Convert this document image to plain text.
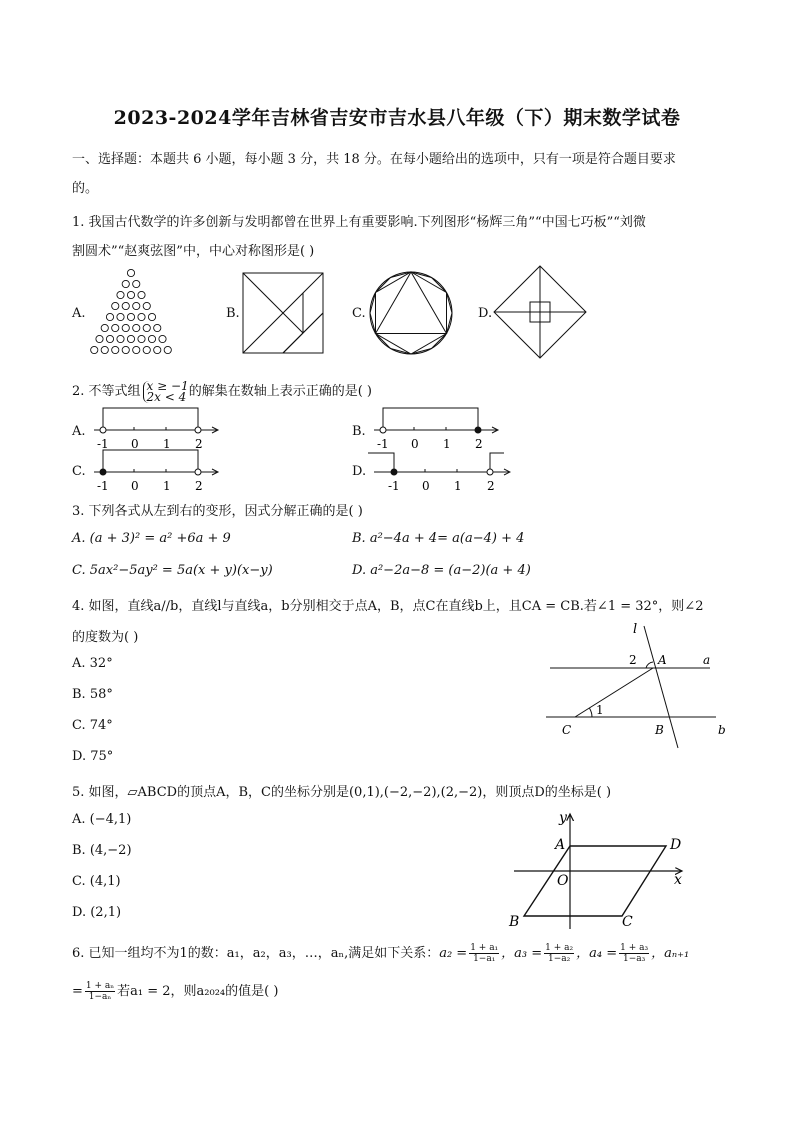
2023-2024学年吉林省吉安市吉水县八年级（下）期末数学试卷
一、选择题：本题共 6 小题，每小题 3 分，共 18 分。在每小题给出的选项中，只有一项是符合题目要求
的。
1. 我国古代数学的许多创新与发明都曾在世界上有重要影响.下列图形“杨辉三角”“中国七巧板”“刘微
割圆术”“赵爽弦图”中，中心对称图形是( )
A.	B.	C.	D.
2. 不等式组 x ≥ −1
2x < 4 的解集在数轴上表示正确的是( )
A.
-1 0 1 2
B.
-1 0 1 2
C.
-1 0 1 2
D.
-1 0 1 2
3. 下列各式从左到右的变形，因式分解正确的是( )
A. (a + 3)² = a² +6a + 9	B. a²−4a + 4= a(a−4) + 4
C. 5ax²−5ay² = 5a(x + y)(x−y)	D. a²−2a−8 = (a−2)(a + 4)
4. 如图，直线a//b，直线l与直线a，b分别相交于点A，B，点C在直线b上，且CA = CB.若∠1 = 32°，则∠2
的度数为( )
A. 32°
B. 58°
C. 74°
D. 75°
l
2 A	a
1
C	B	b
5. 如图，▱ABCD的顶点A，B，C的坐标分别是(0,1),(−2,−2),(2,−2)，则顶点D的坐标是( )
A. (−4,1)
B. (4,−2)
C. (4,1)
D. (2,1)
y
x
A	D
O
B	C
6. 已知一组均不为1的数：a₁，a₂，a₃，…，aₙ,满足如下关系：$a_2 = \frac{\text{1 + a₁}}{\text{1−a₁}}$ ，$a_3 = \frac{\text{1 + a₂}}{\text{1−a₂}}$ ，$a_4 = \frac{\text{1 + a₃}}{\text{1−a₃}}$ ，aₙ₊₁
= $\frac{\text{1 + aₙ}}{\text{1−aₙ}}$ 若a₁ = 2，则a₂₀₂₄的值是( )
